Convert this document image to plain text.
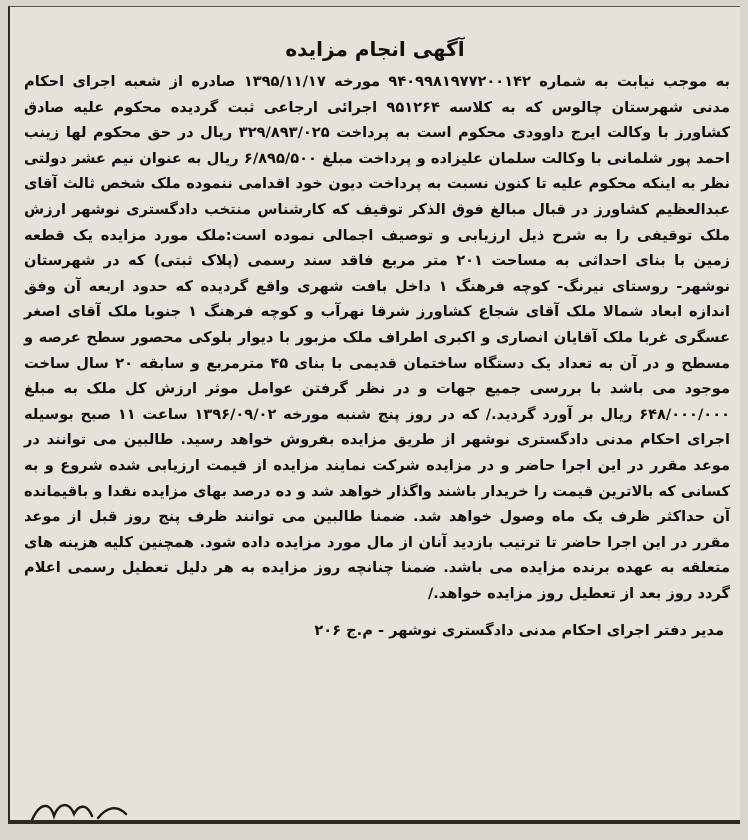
آگهی انجام مزایده

به موجب نیابت به شماره ۹۴۰۹۹۸۱۹۷۷۲۰۰۱۴۲ مورخه ۱۳۹۵/۱۱/۱۷ صادره از شعبه اجرای احکام مدنی شهرستان چالوس که به کلاسه ۹۵۱۲۶۴ اجرائی ارجاعی ثبت گردیده محکوم علیه صادق کشاورز با وکالت ایرج داوودی محکوم است به پرداخت ۳۲۹/۸۹۳/۰۲۵ ریال در حق محکوم لها زینب احمد پور شلمانی با وکالت سلمان علیزاده و پرداخت مبلغ ۶/۸۹۵/۵۰۰ ریال به عنوان نیم عشر دولتی نظر به اینکه محکوم علیه تا کنون نسبت به پرداخت دیون خود اقدامی ننموده ملک شخص ثالث آقای عبدالعظیم کشاورز در قبال مبالغ فوق الذکر توقیف که کارشناس منتخب دادگستری نوشهر ارزش ملک توقیفی را به شرح ذیل ارزیابی و توصیف اجمالی نموده است:ملک مورد مزایده یک قطعه زمین با بنای احداثی به مساحت ۲۰۱ متر مربع فاقد سند رسمی (پلاک ثبتی) که در شهرستان نوشهر- روستای نیرنگ- کوچه فرهنگ ۱ داخل بافت شهری واقع گردیده که حدود اربعه آن وفق اندازه ابعاد شمالا ملک آقای شجاع کشاورز شرقا نهرآب و کوچه فرهنگ ۱ جنوبا ملک آقای اصغر عسگری غربا ملک آقایان انصاری و اکبری اطراف ملک مزبور با دیوار بلوکی محصور سطح عرصه و مسطح و در آن به تعداد یک دستگاه ساختمان قدیمی با بنای ۴۵ مترمربع و سابقه ۲۰ سال ساخت موجود می باشد با بررسی جمیع جهات و در نظر گرفتن عوامل موثر ارزش کل ملک به مبلغ ۶۴۸/۰۰۰/۰۰۰ ریال بر آورد گردید./ که در روز پنج شنبه مورخه ۱۳۹۶/۰۹/۰۲ ساعت ۱۱ صبح بوسیله اجرای احکام مدنی دادگستری نوشهر از طریق مزایده بفروش خواهد رسید. طالبین می توانند در موعد مقرر در این اجرا حاضر و در مزایده شرکت نمایند مزایده از قیمت ارزیابی شده شروع و به کسانی که بالاترین قیمت را خریدار باشند واگذار خواهد شد و ده درصد بهای مزایده نقدا و باقیمانده آن حداکثر ظرف یک ماه وصول خواهد شد. ضمنا طالبین می توانند ظرف پنج روز قبل از موعد مقرر در این اجرا حاضر تا ترتیب بازدید آنان از مال مورد مزایده داده شود. همچنین کلیه هزینه های متعلقه به عهده برنده مزایده می باشد. ضمنا چنانچه روز مزایده به هر دلیل تعطیل رسمی اعلام گردد روز بعد از تعطیل روز مزایده خواهد./

مدیر دفتر اجرای احکام مدنی دادگستری نوشهر - م.ج ۲۰۶
